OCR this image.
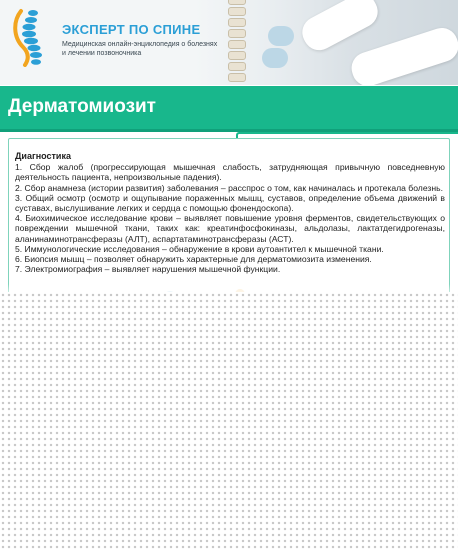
ЭКСПЕРТ ПО СПИНЕ
Медицинская онлайн-энциклопедия о болезнях и лечении позвоночника
Дерматомиозит
Диагностика

1. Сбор жалоб (прогрессирующая мышечная слабость, затрудняющая привычную повседневную деятельность пациента, непроизвольные падения).

2. Сбор анамнеза (истории развития) заболевания – расспрос о том, как начиналась и протекала болезнь.

3. Общий осмотр (осмотр и ощупывание пораженных мышц, суставов, определение объема движений в суставах, выслушивание легких и сердца с помощью фонендоскопа).

4. Биохимическое исследование крови – выявляет повышение уровня ферментов, свидетельствующих о повреждении мышечной ткани, таких как: креатинфосфокиназы, альдолазы, лактатдегидрогеназы, аланинаминотрансферазы (АЛТ), аспартатаминотрансферазы (АСТ).

5. Иммунологические исследования – обнаружение в крови аутоантител к мышечной ткани.

6. Биопсия мышц – позволяет обнаружить характерные для дерматомиозита изменения.

7. Электромиография – выявляет нарушения мышечной функции.
